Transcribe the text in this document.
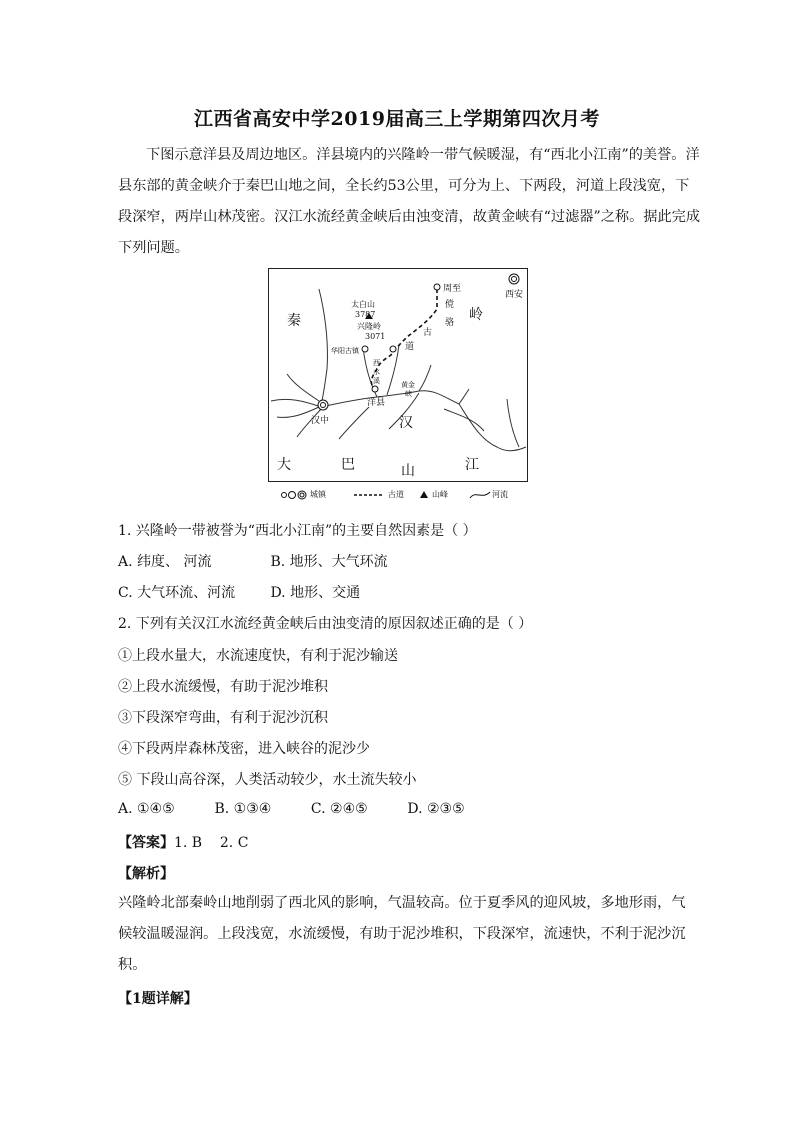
江西省高安中学2019届高三上学期第四次月考

下图示意洋县及周边地区。洋县境内的兴隆岭一带气候暖湿，有“西北小江南”的美誉。洋县东部的黄金峡介于秦巴山地之间，全长约53公里，可分为上、下两段，河道上段浅宽，下段深窄，两岸山林茂密。汉江水流经黄金峡后由浊变清，故黄金峡有“过滤器”之称。据此完成下列问题。

秦	岭
大	巴	山
汉
江
周至
西安
太白山
3787
兴隆岭
3071
华阳古镇
傥
骆
古
道
西
水
溪	黄金
峡
洋县
汉中
城镇	古道	山峰	河流
1. 兴隆岭一带被誉为“西北小江南”的主要自然因素是（ ）
A. 纬度、 河流	B. 地形、大气环流
C. 大气环流、河流	D. 地形、交通
2. 下列有关汉江水流经黄金峡后由浊变清的原因叙述正确的是（ ）
①上段水量大，水流速度快，有利于泥沙输送
②上段水流缓慢，有助于泥沙堆积
③下段深窄弯曲，有利于泥沙沉积
④下段两岸森林茂密，进入峡谷的泥沙少
⑤ 下段山高谷深，人类活动较少，水土流失较小
A. ①④⑤	B. ①③④	C. ②④⑤	D. ②③⑤
【答案】1. B    2. C
【解析】

兴隆岭北部秦岭山地削弱了西北风的影响，气温较高。位于夏季风的迎风坡，多地形雨，气候较温暖湿润。上段浅宽，水流缓慢，有助于泥沙堆积，下段深窄，流速快，不利于泥沙沉积。

【1题详解】
